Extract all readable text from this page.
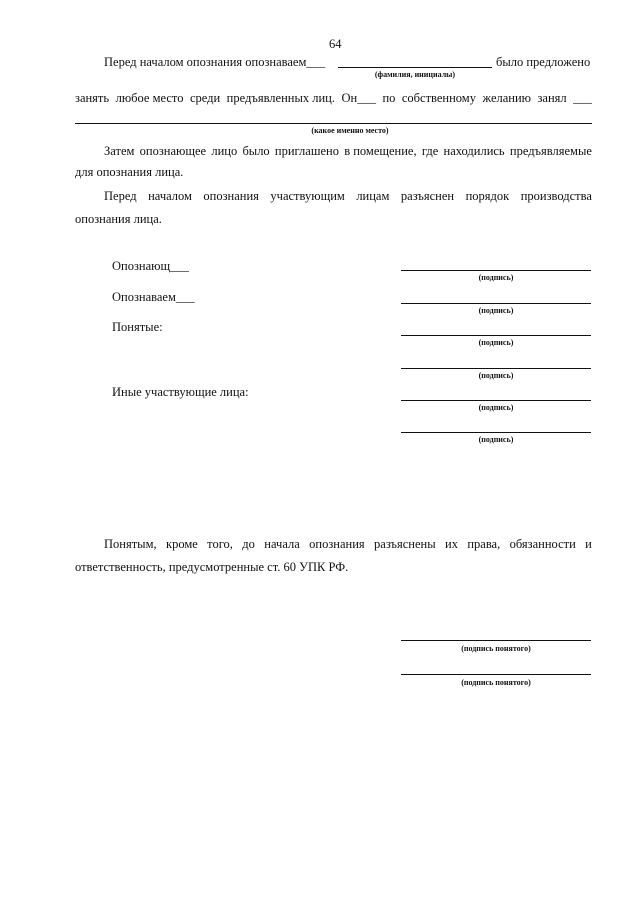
64
Перед началом опознания опознаваем___	было предложено
(фамилия, инициалы)
занять любое место среди предъявленных лиц. Он___ по собственному желанию занял ___
(какое именно место)
Затем опознающее лицо было приглашено в помещение, где находились предъявляемые
для опознания лица.
Перед началом опознания участвующим лицам разъяснен порядок производства
опознания лица.
Опознающ___
(подпись)
Опознаваем___
(подпись)
Понятые:
(подпись)
(подпись)
Иные участвующие лица:
(подпись)
(подпись)
Понятым, кроме того, до начала опознания разъяснены их права, обязанности и
ответственность, предусмотренные ст. 60 УПК РФ.
(подпись понятого)
(подпись понятого)
